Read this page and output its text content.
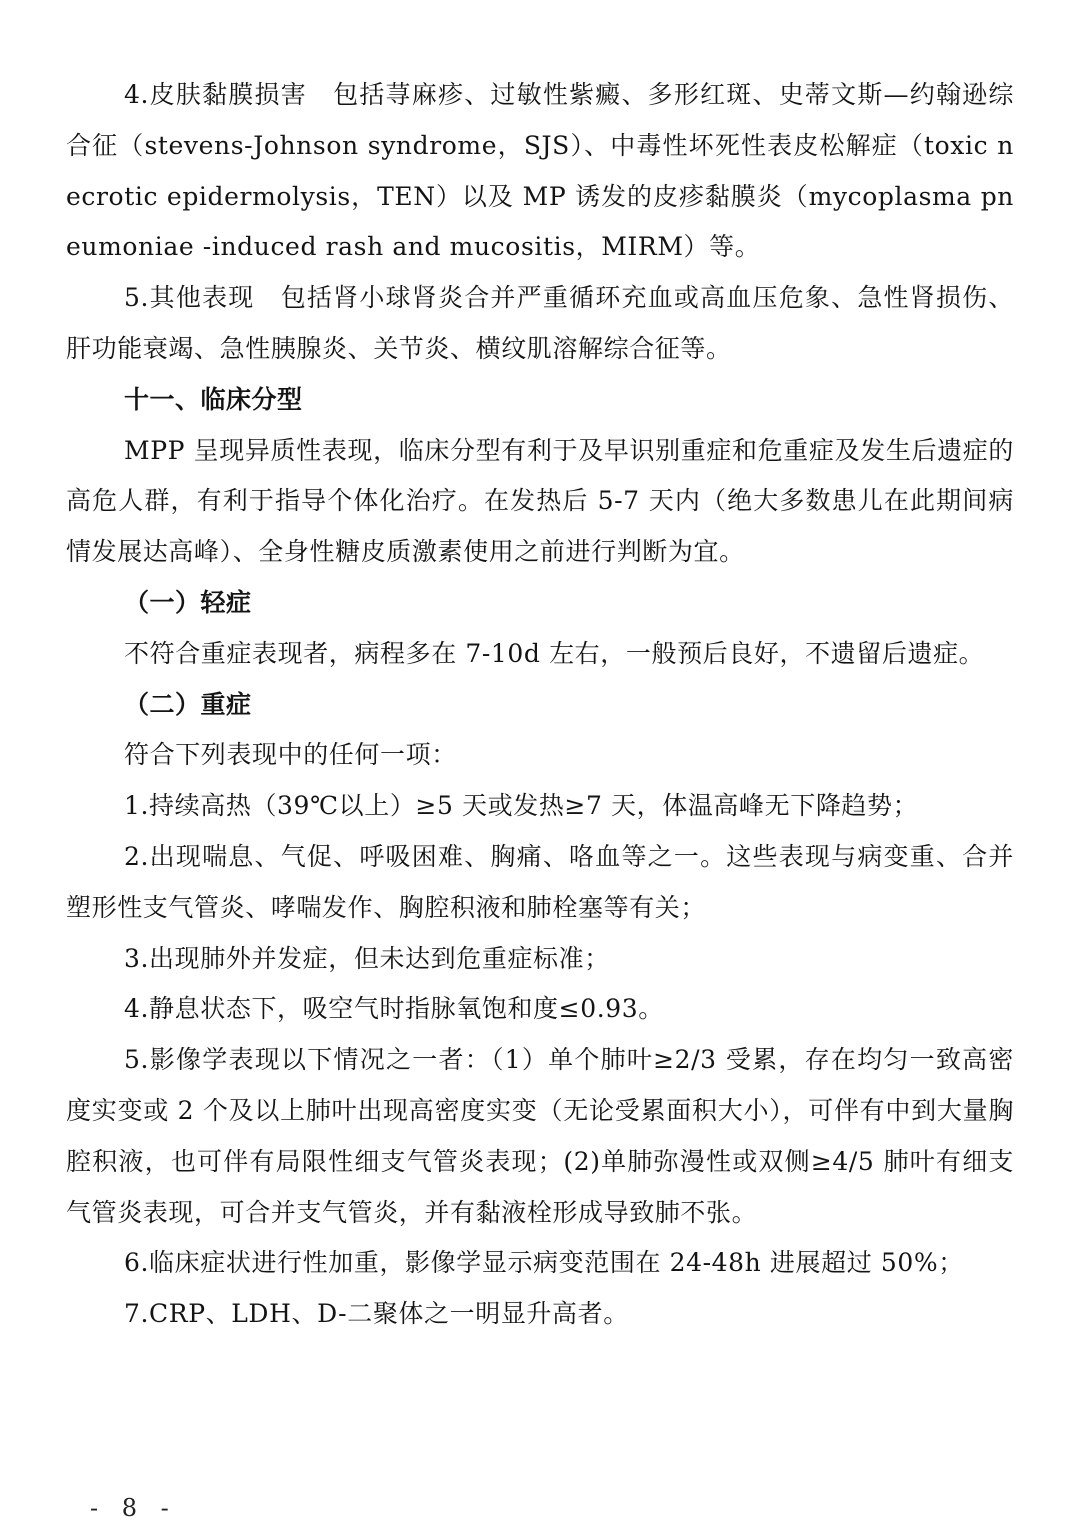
4.皮肤黏膜损害　包括荨麻疹、过敏性紫癜、多形红斑、史蒂文斯—约翰逊综合征（stevens-Johnson syndrome，SJS）、中毒性坏死性表皮松解症（toxic necrotic epidermolysis，TEN）以及 MP 诱发的皮疹黏膜炎（mycoplasma pneumoniae -induced rash and mucositis，MIRM）等。

5.其他表现　包括肾小球肾炎合并严重循环充血或高血压危象、急性肾损伤、肝功能衰竭、急性胰腺炎、关节炎、横纹肌溶解综合征等。

十一、临床分型

MPP 呈现异质性表现，临床分型有利于及早识别重症和危重症及发生后遗症的高危人群，有利于指导个体化治疗。在发热后 5-7 天内（绝大多数患儿在此期间病情发展达高峰）、全身性糖皮质激素使用之前进行判断为宜。

（一）轻症

不符合重症表现者，病程多在 7-10d 左右，一般预后良好，不遗留后遗症。

（二）重症

符合下列表现中的任何一项：

1.持续高热（39℃以上）≥5 天或发热≥7 天，体温高峰无下降趋势；

2.出现喘息、气促、呼吸困难、胸痛、咯血等之一。这些表现与病变重、合并塑形性支气管炎、哮喘发作、胸腔积液和肺栓塞等有关；

3.出现肺外并发症，但未达到危重症标准；

4.静息状态下，吸空气时指脉氧饱和度≤0.93。

5.影像学表现以下情况之一者：（1）单个肺叶≥2/3 受累，存在均匀一致高密度实变或 2 个及以上肺叶出现高密度实变（无论受累面积大小），可伴有中到大量胸腔积液，也可伴有局限性细支气管炎表现；(2)单肺弥漫性或双侧≥4/5 肺叶有细支气管炎表现，可合并支气管炎，并有黏液栓形成导致肺不张。

6.临床症状进行性加重，影像学显示病变范围在 24-48h 进展超过 50%；

7.CRP、LDH、D-二聚体之一明显升高者。

- 8 -
